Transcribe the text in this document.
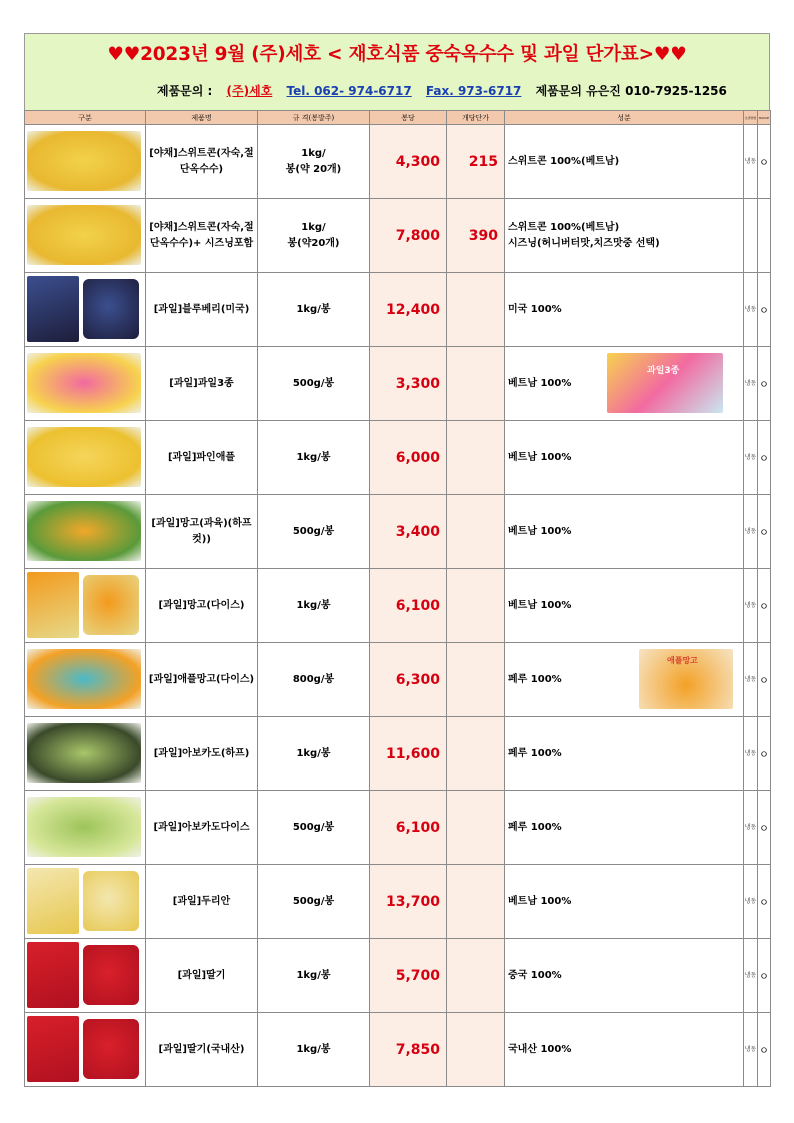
♥♥2023년 9월 (주)세호 < 재호식품 중숙옥수수 및 과일 단가표>♥♥
제품문의 : (주)세호 Tel. 062- 974-6717 Fax. 973-6717 제품문의 유은진 010-7925-1256
구분	제품명	규 격(봉발주)	봉당	개당단가	성분	보관방법	HACCP

	[야채]스위트콘(자숙,절단옥수수)	1kg/
봉(약 20개)	4,300	215	스위트콘 100%(베트남)	냉동	ㅇ

	[야채]스위트콘(자숙,절단옥수수)+ 시즈닝포함	1kg/
봉(약20개)	7,800	390	스위트콘 100%(베트남)
시즈닝(허니버터맛,치즈맛중 선택)		

	[과일]블루베리(미국)	1kg/봉	12,400		미국 100%	냉동	ㅇ

	[과일]과일3종	500g/봉	3,300		베트남 100%
과일3종	냉동	ㅇ

	[과일]파인애플	1kg/봉	6,000		베트남 100%	냉동	ㅇ

	[과일]망고(과육)(하프컷))	500g/봉	3,400		베트남 100%	냉동	ㅇ

	[과일]망고(다이스)	1kg/봉	6,100		베트남 100%	냉동	ㅇ

	[과일]애플망고(다이스)	800g/봉	6,300		페루 100%
애플망고	냉동	ㅇ

	[과일]아보카도(하프)	1kg/봉	11,600		페루 100%	냉동	ㅇ

	[과일]아보카도다이스	500g/봉	6,100		페루 100%	냉동	ㅇ

	[과일]두리안	500g/봉	13,700		베트남 100%	냉동	ㅇ

	[과일]딸기	1kg/봉	5,700		중국 100%	냉동	ㅇ

	[과일]딸기(국내산)	1kg/봉	7,850		국내산 100%	냉동	ㅇ
